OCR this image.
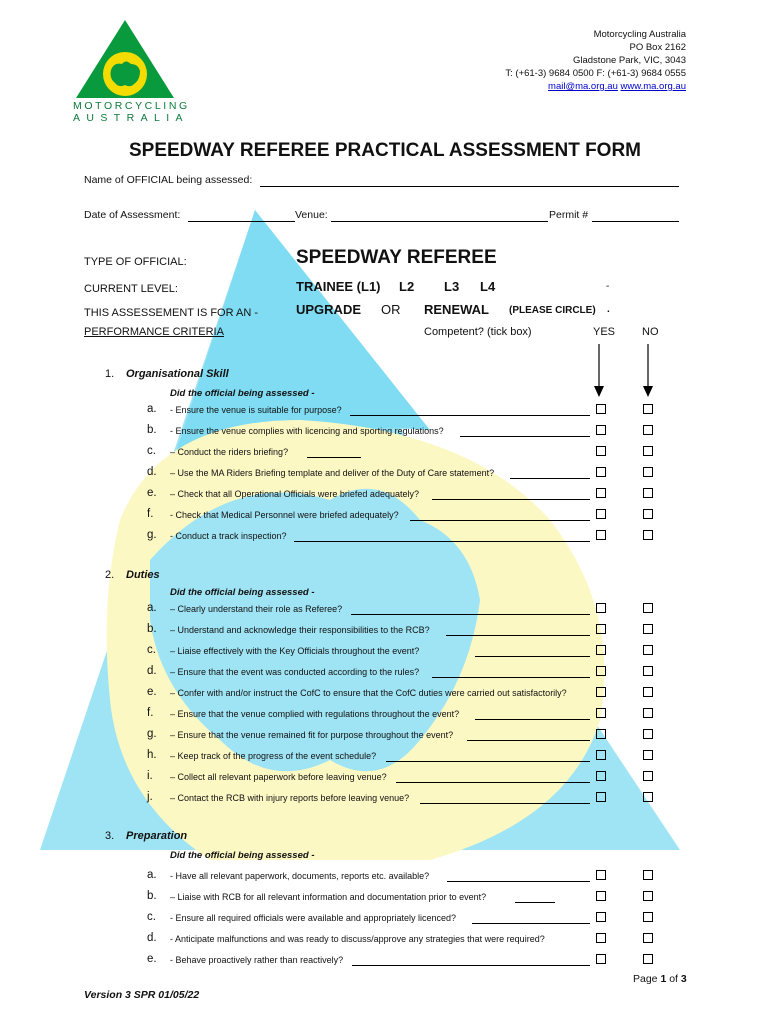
MOTORCYCLING
AUSTRALIA
Motorcycling Australia
PO Box 2162
Gladstone Park, VIC, 3043
T: (+61-3) 9684 0500 F: (+61-3) 9684 0555
mail@ma.org.au www.ma.org.au
SPEEDWAY REFEREE PRACTICAL ASSESSMENT FORM
Name of OFFICIAL being assessed:
Date of Assessment:	Venue:	Permit #
TYPE OF OFFICIAL:	SPEEDWAY REFEREE
CURRENT LEVEL:	TRAINEE (L1) L2 L3 L4	-
THIS ASSESSEMENT IS FOR AN -	UPGRADE OR RENEWAL (PLEASE CIRCLE) .
PERFORMANCE CRITERIA	Competent? (tick box)	YES NO
1. Organisational Skill
Did the official being assessed -
a. - Ensure the venue is suitable for purpose?
b. - Ensure the venue complies with licencing and sporting regulations?
c. – Conduct the riders briefing?
d. – Use the MA Riders Briefing template and deliver of the Duty of Care statement?
e. – Check that all Operational Officials were briefed adequately?
f. - Check that Medical Personnel were briefed adequately?
g. - Conduct a track inspection?
2. Duties
Did the official being assessed -
a. – Clearly understand their role as Referee?
b. – Understand and acknowledge their responsibilities to the RCB?
c. – Liaise effectively with the Key Officials throughout the event?
d. – Ensure that the event was conducted according to the rules?
e. – Confer with and/or instruct the CofC to ensure that the CofC duties were carried out satisfactorily?
f. – Ensure that the venue complied with regulations throughout the event?
g. – Ensure that the venue remained fit for purpose throughout the event?
h. – Keep track of the progress of the event schedule?
i. – Collect all relevant paperwork before leaving venue?
j. – Contact the RCB with injury reports before leaving venue?
3. Preparation
Did the official being assessed -
a. - Have all relevant paperwork, documents, reports etc. available?
b. – Liaise with RCB for all relevant information and documentation prior to event?
c. - Ensure all required officials were available and appropriately licenced?
d. - Anticipate malfunctions and was ready to discuss/approve any strategies that were required?
e. - Behave proactively rather than reactively?
Page 1 of 3
Version 3 SPR 01/05/22
